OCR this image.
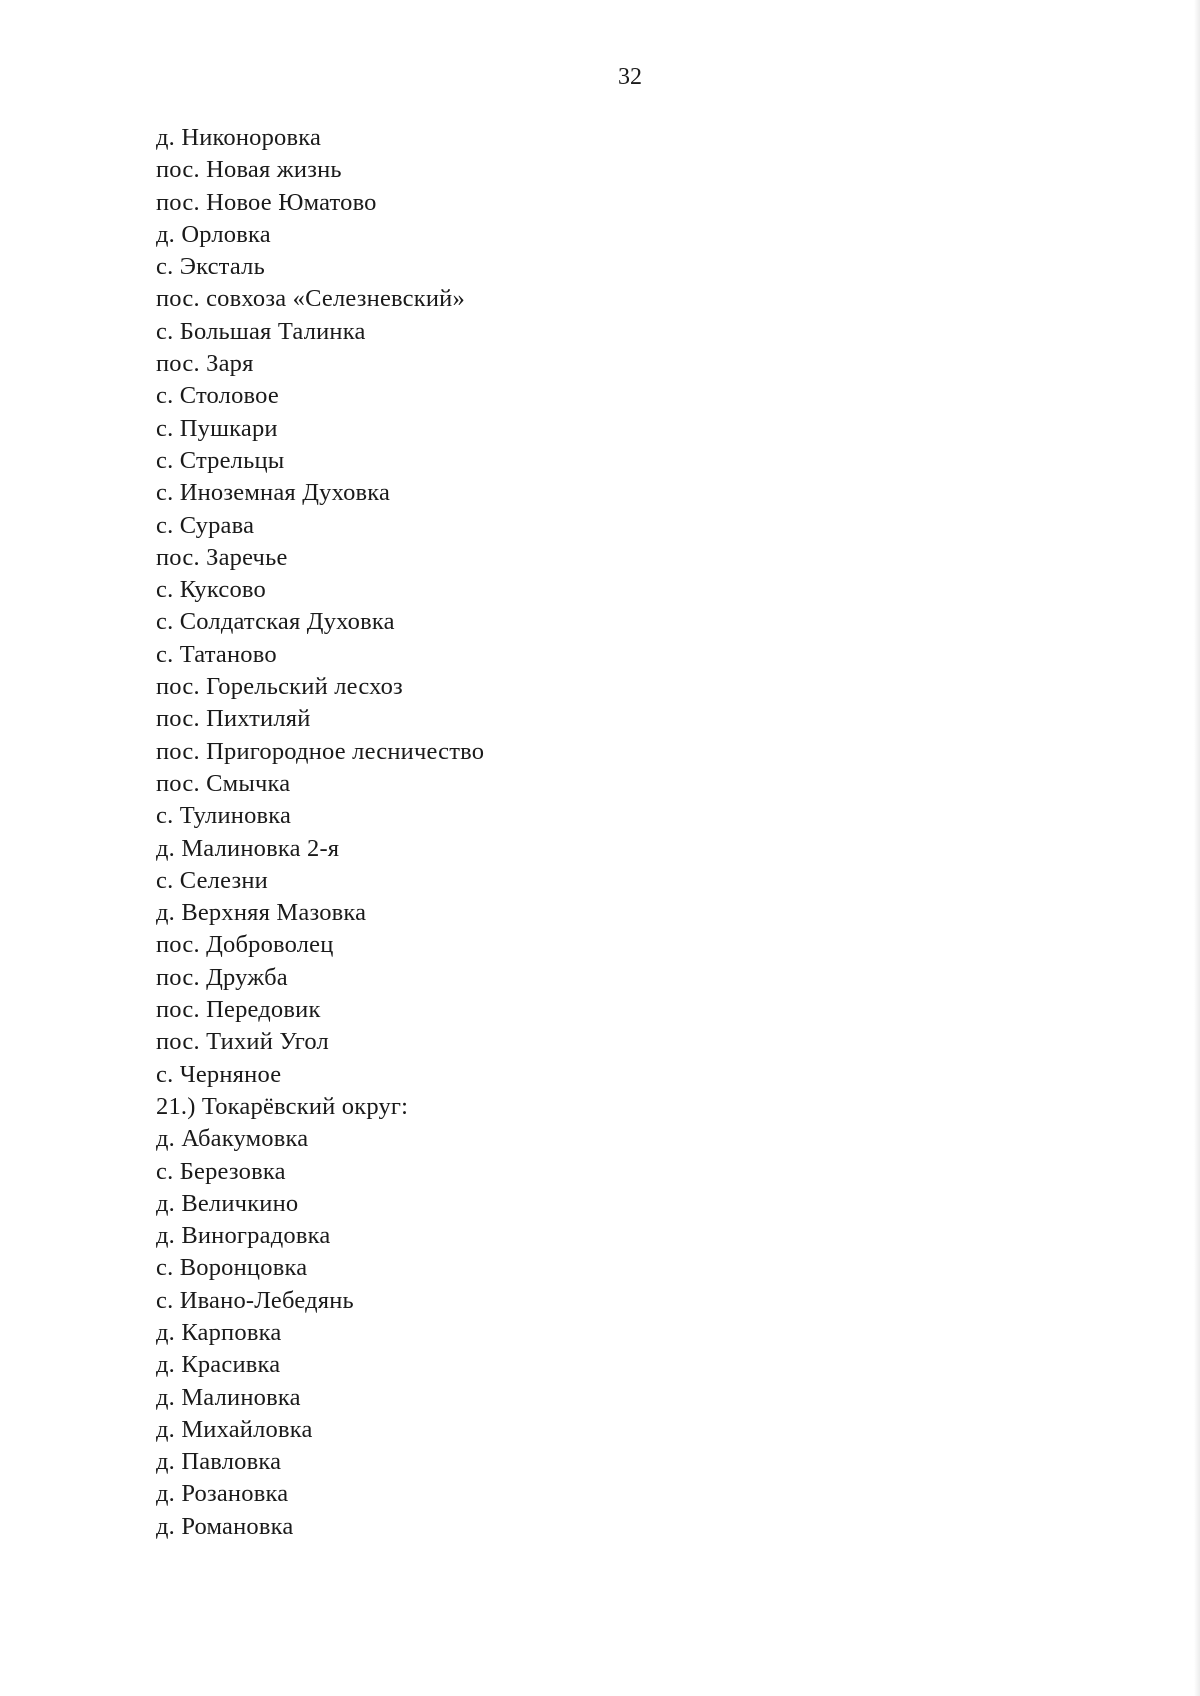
32
д. Никоноровка
пос. Новая жизнь
пос. Новое Юматово
д. Орловка
с. Эксталь
пос. совхоза «Селезневский»
с. Большая Талинка
пос. Заря
с. Столовое
с. Пушкари
с. Стрельцы
с. Иноземная Духовка
с. Сурава
пос. Заречье
с. Куксово
с. Солдатская Духовка
с. Татаново
пос. Горельский лесхоз
пос. Пихтиляй
пос. Пригородное лесничество
пос. Смычка
с. Тулиновка
д. Малиновка 2-я
с. Селезни
д. Верхняя Мазовка
пос. Доброволец
пос. Дружба
пос. Передовик
пос. Тихий Угол
с. Черняное
21.) Токарёвский округ:
д. Абакумовка
с. Березовка
д. Величкино
д. Виноградовка
с. Воронцовка
с. Ивано-Лебедянь
д. Карповка
д. Красивка
д. Малиновка
д. Михайловка
д. Павловка
д. Розановка
д. Романовка
